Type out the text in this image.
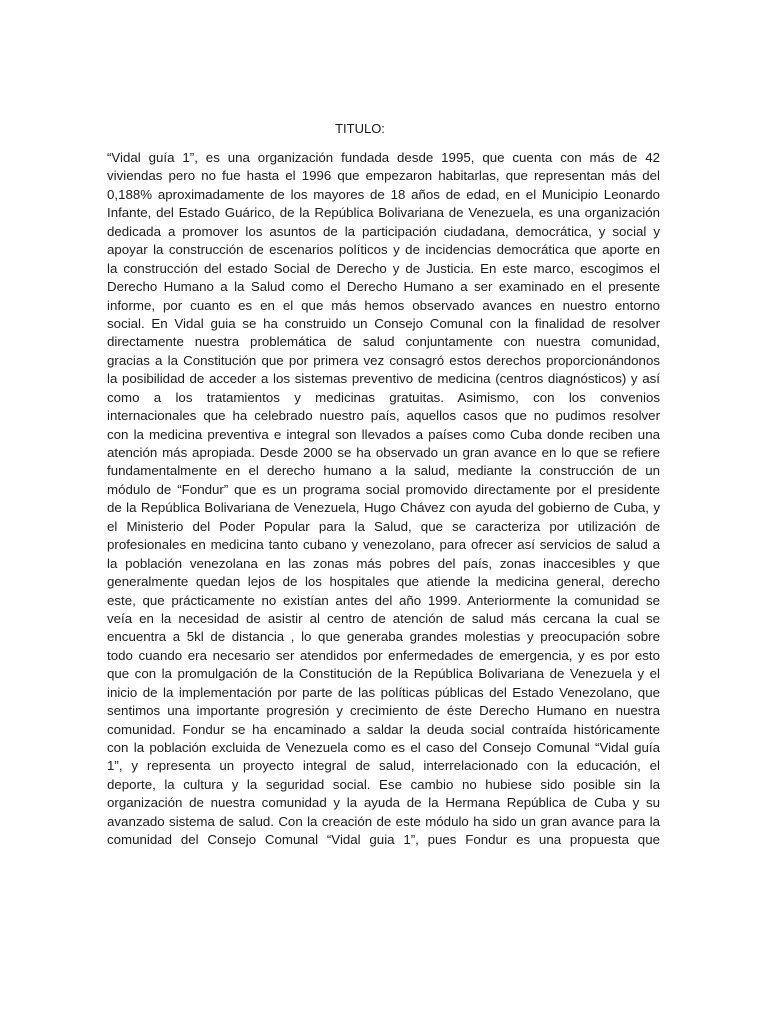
TITULO:

“Vidal guía 1”, es una organización fundada desde 1995, que cuenta con más de 42
viviendas pero no fue hasta el 1996 que empezaron habitarlas, que representan más del
0,188% aproximadamente de los mayores de 18 años de edad, en el Municipio Leonardo
Infante, del Estado Guárico, de la República Bolivariana de Venezuela, es una organización
dedicada a promover los asuntos de la participación ciudadana, democrática, y social y
apoyar la construcción de escenarios políticos y de incidencias democrática que aporte en
la construcción del estado Social de Derecho y de Justicia. En este marco, escogimos el
Derecho Humano a la Salud como el Derecho Humano a ser examinado en el presente
informe, por cuanto es en el que más hemos observado avances en nuestro entorno
social. En Vidal guia se ha construido un Consejo Comunal con la finalidad de resolver
directamente nuestra problemática de salud conjuntamente con nuestra comunidad,
gracias a la Constitución que por primera vez consagró estos derechos proporcionándonos
la posibilidad de acceder a los sistemas preventivo de medicina (centros diagnósticos) y así
como a los tratamientos y medicinas gratuitas. Asimismo, con los convenios
internacionales que ha celebrado nuestro país, aquellos casos que no pudimos resolver
con la medicina preventiva e integral son llevados a países como Cuba donde reciben una
atención más apropiada. Desde 2000 se ha observado un gran avance en lo que se refiere
fundamentalmente en el derecho humano a la salud, mediante la construcción de un
módulo de “Fondur” que es un programa social promovido directamente por el presidente
de la República Bolivariana de Venezuela, Hugo Chávez con ayuda del gobierno de Cuba, y
el Ministerio del Poder Popular para la Salud, que se caracteriza por utilización de
profesionales en medicina tanto cubano y venezolano, para ofrecer así servicios de salud a
la población venezolana en las zonas más pobres del país, zonas inaccesibles y que
generalmente quedan lejos de los hospitales que atiende la medicina general, derecho
este, que prácticamente no existían antes del año 1999. Anteriormente la comunidad se
veía en la necesidad de asistir al centro de atención de salud más cercana la cual se
encuentra a 5kl de distancia , lo que generaba grandes molestias y preocupación sobre
todo cuando era necesario ser atendidos por enfermedades de emergencia, y es por esto
que con la promulgación de la Constitución de la República Bolivariana de Venezuela y el
inicio de la implementación por parte de las políticas públicas del Estado Venezolano, que
sentimos una importante progresión y crecimiento de éste Derecho Humano en nuestra
comunidad. Fondur se ha encaminado a saldar la deuda social contraída históricamente
con la población excluida de Venezuela como es el caso del Consejo Comunal “Vidal guía
1”, y representa un proyecto integral de salud, interrelacionado con la educación, el
deporte, la cultura y la seguridad social. Ese cambio no hubiese sido posible sin la
organización de nuestra comunidad y la ayuda de la Hermana República de Cuba y su
avanzado sistema de salud. Con la creación de este módulo ha sido un gran avance para la
comunidad del Consejo Comunal “Vidal guia 1”, pues Fondur es una propuesta que
